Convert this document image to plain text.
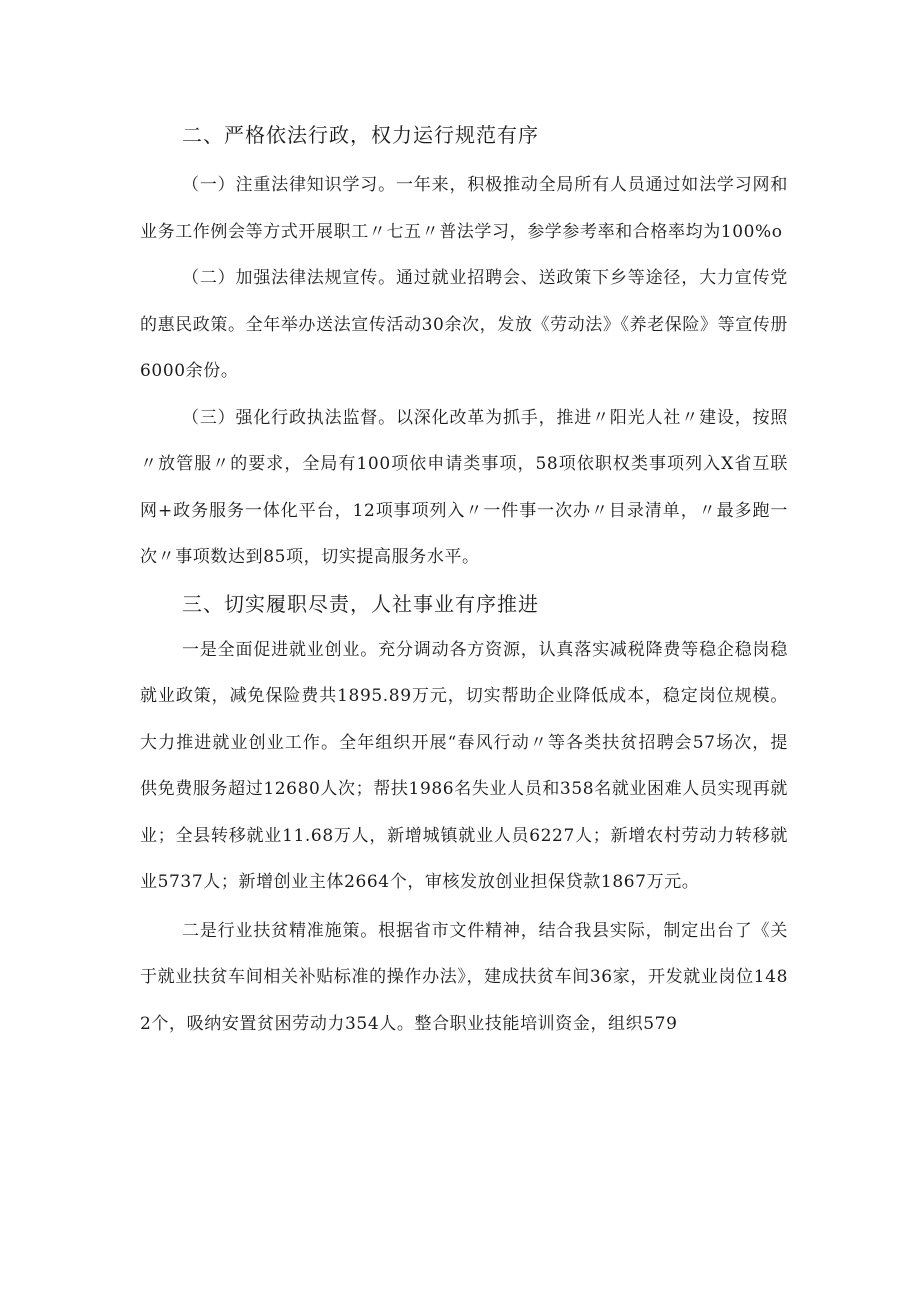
二、严格依法行政，权力运行规范有序

（一）注重法律知识学习。一年来，积极推动全局所有人员通过如法学习网和业务工作例会等方式开展职工〃七五〃普法学习，参学参考率和合格率均为100%o

（二）加强法律法规宣传。通过就业招聘会、送政策下乡等途径，大力宣传党的惠民政策。全年举办送法宣传活动30余次，发放《劳动法》《养老保险》等宣传册6000余份。

（三）强化行政执法监督。以深化改革为抓手，推进〃阳光人社〃建设，按照〃放管服〃的要求，全局有100项依申请类事项，58项依职权类事项列入X省互联网+政务服务一体化平台，12项事项列入〃一件事一次办〃目录清单，〃最多跑一次〃事项数达到85项，切实提高服务水平。

三、切实履职尽责，人社事业有序推进

一是全面促进就业创业。充分调动各方资源，认真落实减税降费等稳企稳岗稳就业政策，减免保险费共1895.89万元，切实帮助企业降低成本，稳定岗位规模。大力推进就业创业工作。全年组织开展“春风行动〃等各类扶贫招聘会57场次，提供免费服务超过12680人次；帮扶1986名失业人员和358名就业困难人员实现再就业；全县转移就业11.68万人，新增城镇就业人员6227人；新增农村劳动力转移就业5737人；新增创业主体2664个，审核发放创业担保贷款1867万元。

二是行业扶贫精准施策。根据省市文件精神，结合我县实际，制定出台了《关于就业扶贫车间相关补贴标准的操作办法》，建成扶贫车间36家，开发就业岗位1482个，吸纳安置贫困劳动力354人。整合职业技能培训资金，组织579
